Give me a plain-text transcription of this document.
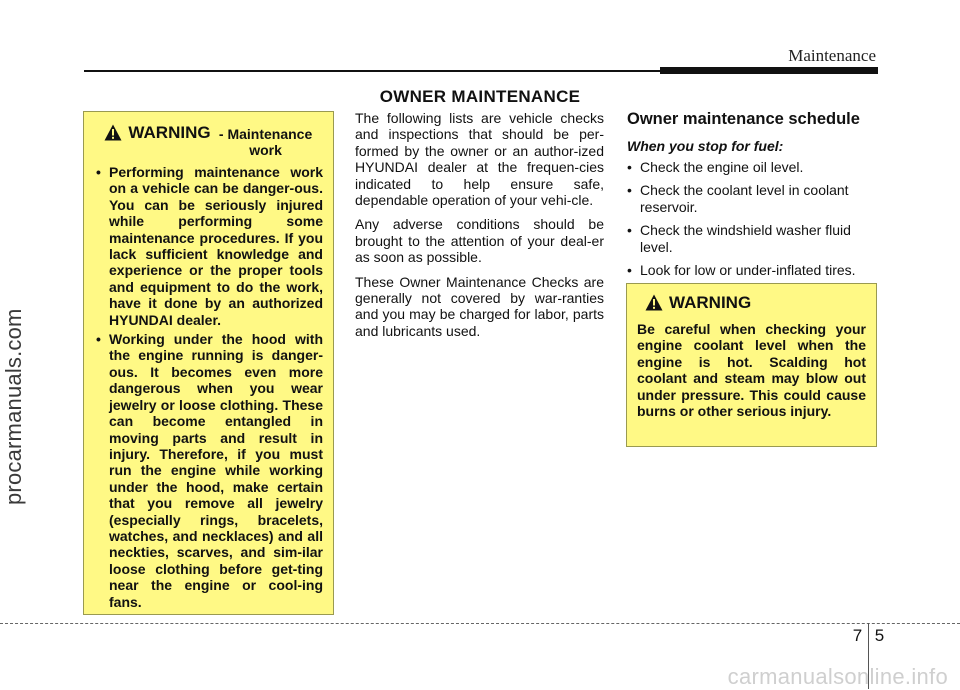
Maintenance
procarmanuals.com
OWNER MAINTENANCE
WARNING - Maintenance work
• Performing maintenance work on a vehicle can be danger-ous. You can be seriously injured while performing some maintenance procedures. If you lack sufficient knowledge and experience or the proper tools and equipment to do the work, have it done by an authorized HYUNDAI dealer.
• Working under the hood with the engine running is danger-ous. It becomes even more dangerous when you wear jewelry or loose clothing. These can become entangled in moving parts and result in injury. Therefore, if you must run the engine while working under the hood, make certain that you remove all jewelry (especially rings, bracelets, watches, and necklaces) and all neckties, scarves, and sim-ilar loose clothing before get-ting near the engine or cool-ing fans.

The following lists are vehicle checks and inspections that should be per-formed by the owner or an author-ized HYUNDAI dealer at the frequen-cies indicated to help ensure safe, dependable operation of your vehi-cle.

Any adverse conditions should be brought to the attention of your deal-er as soon as possible.

These Owner Maintenance Checks are generally not covered by war-ranties and you may be charged for labor, parts and lubricants used.

Owner maintenance schedule
When you stop for fuel:
• Check the engine oil level.
• Check the coolant level in coolant reservoir.
• Check the windshield washer fluid level.
• Look for low or under-inflated tires.
WARNING
Be careful when checking your engine coolant level when the engine is hot. Scalding hot coolant and steam may blow out under pressure. This could cause burns or other serious injury.
7 5
carmanualsonline.info
